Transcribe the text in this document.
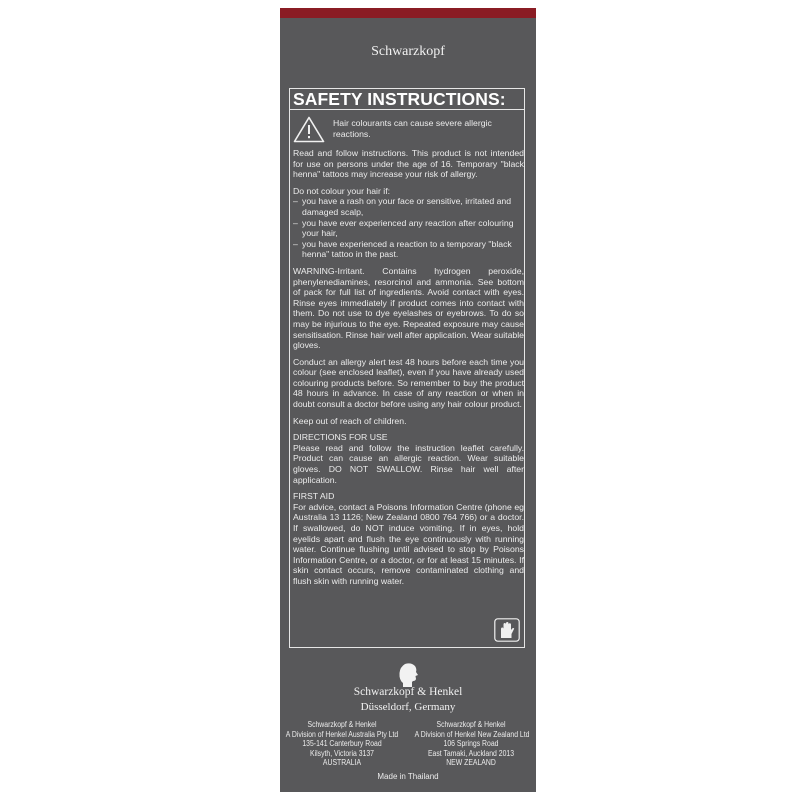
Schwarzkopf
SAFETY INSTRUCTIONS:
Hair colourants can cause severe allergic reactions.

Read and follow instructions. This product is not intended for use on persons under the age of 16. Temporary "black henna" tattoos may increase your risk of allergy.

Do not colour your hair if:
– you have a rash on your face or sensitive, irritated and damaged scalp,
– you have ever experienced any reaction after colouring your hair,
– you have experienced a reaction to a temporary "black henna" tattoo in the past.

WARNING-Irritant. Contains hydrogen peroxide, phenylenediamines, resorcinol and ammonia. See bottom of pack for full list of ingredients. Avoid contact with eyes. Rinse eyes immediately if product comes into contact with them. Do not use to dye eyelashes or eyebrows. To do so may be injurious to the eye. Repeated exposure may cause sensitisation. Rinse hair well after application. Wear suitable gloves.

Conduct an allergy alert test 48 hours before each time you colour (see enclosed leaflet), even if you have already used colouring products before. So remember to buy the product 48 hours in advance. In case of any reaction or when in doubt consult a doctor before using any hair colour product.

Keep out of reach of children.

DIRECTIONS FOR USE
Please read and follow the instruction leaflet carefully. Product can cause an allergic reaction. Wear suitable gloves. DO NOT SWALLOW. Rinse hair well after application.

FIRST AID
For advice, contact a Poisons Information Centre (phone eg Australia 13 1126; New Zealand 0800 764 766) or a doctor. If swallowed, do NOT induce vomiting. If in eyes, hold eyelids apart and flush the eye continuously with running water. Continue flushing until advised to stop by Poisons Information Centre, or a doctor, or for at least 15 minutes. If skin contact occurs, remove contaminated clothing and flush skin with running water.

Schwarzkopf & Henkel
Düsseldorf, Germany
Schwarzkopf & Henkel
A Division of Henkel Australia Pty Ltd
135-141 Canterbury Road
Kilsyth, Victoria 3137
AUSTRALIA
Schwarzkopf & Henkel
A Division of Henkel New Zealand Ltd
106 Springs Road
East Tamaki, Auckland 2013
NEW ZEALAND
Made in Thailand
